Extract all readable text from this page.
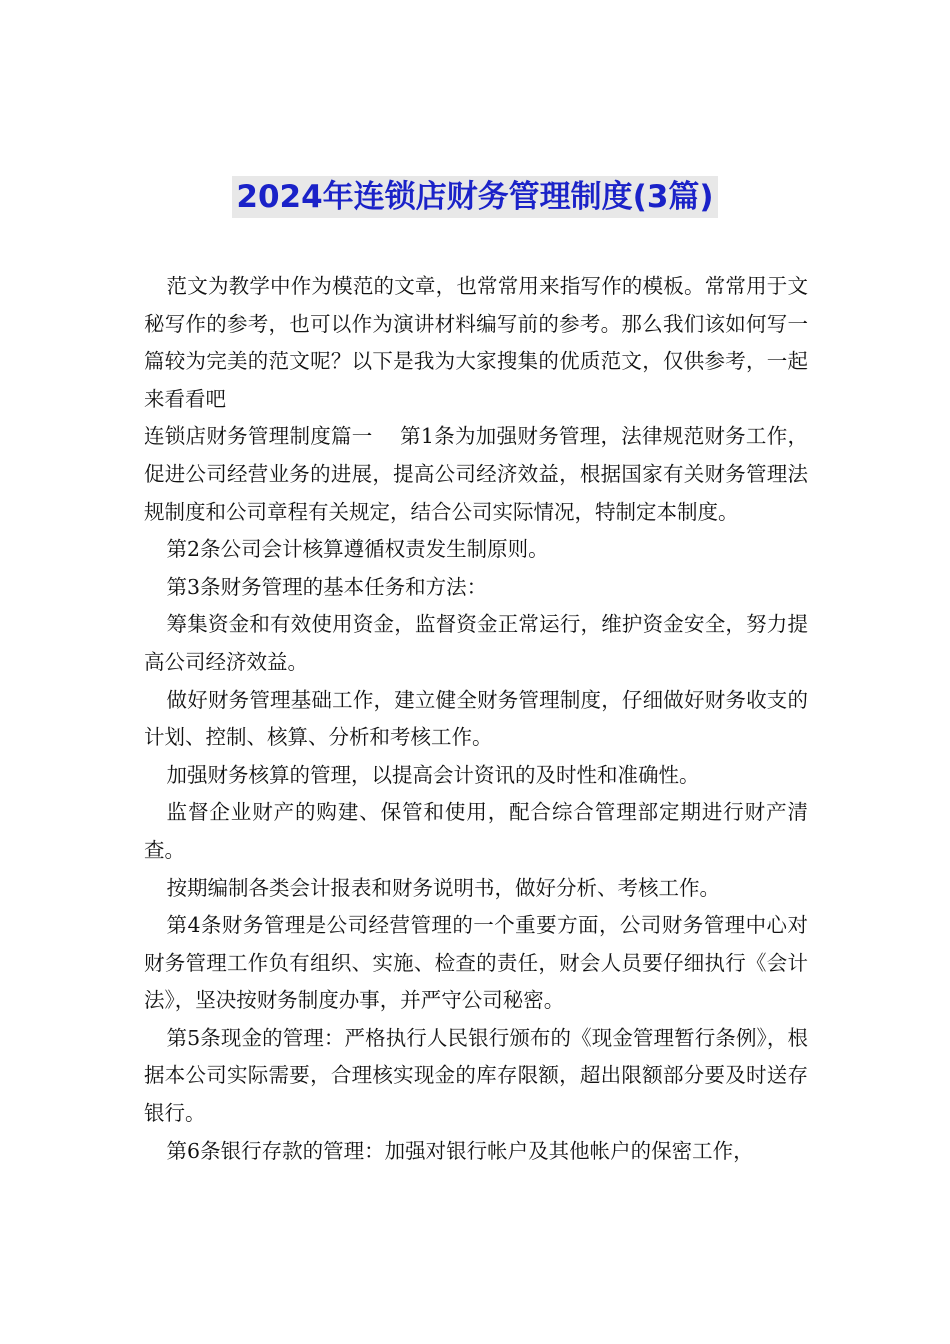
2024年连锁店财务管理制度(3篇)

范文为教学中作为模范的文章，也常常用来指写作的模板。常常用于文秘写作的参考，也可以作为演讲材料编写前的参考。那么我们该如何写一篇较为完美的范文呢？以下是我为大家搜集的优质范文，仅供参考，一起来看看吧

连锁店财务管理制度篇一　 第1条为加强财务管理，法律规范财务工作，促进公司经营业务的进展，提高公司经济效益，根据国家有关财务管理法规制度和公司章程有关规定，结合公司实际情况，特制定本制度。

第2条公司会计核算遵循权责发生制原则。

第3条财务管理的基本任务和方法：

筹集资金和有效使用资金，监督资金正常运行，维护资金安全，努力提高公司经济效益。

做好财务管理基础工作，建立健全财务管理制度，仔细做好财务收支的计划、控制、核算、分析和考核工作。

加强财务核算的管理，以提高会计资讯的及时性和准确性。

监督企业财产的购建、保管和使用，配合综合管理部定期进行财产清查。

按期编制各类会计报表和财务说明书，做好分析、考核工作。

第4条财务管理是公司经营管理的一个重要方面，公司财务管理中心对财务管理工作负有组织、实施、检查的责任，财会人员要仔细执行《会计法》，坚决按财务制度办事，并严守公司秘密。

第5条现金的管理：严格执行人民银行颁布的《现金管理暂行条例》，根据本公司实际需要，合理核实现金的库存限额，超出限额部分要及时送存银行。

第6条银行存款的管理：加强对银行帐户及其他帐户的保密工作，
